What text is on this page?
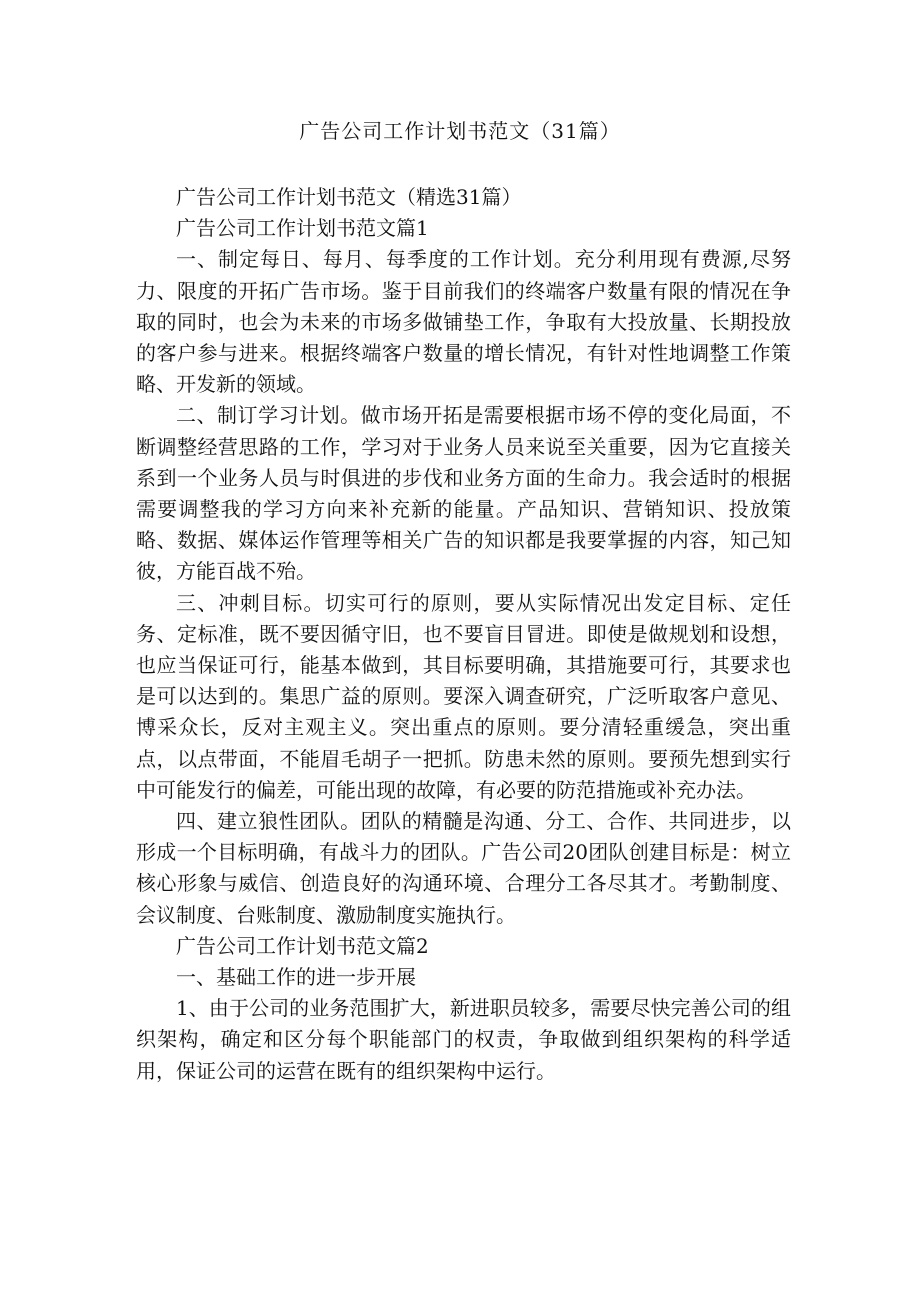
广告公司工作计划书范文（31篇）

广告公司工作计划书范文（精选31篇）

广告公司工作计划书范文篇1

一、制定每日、每月、每季度的工作计划。充分利用现有费源,尽努力、限度的开拓广告市场。鉴于目前我们的终端客户数量有限的情况在争取的同时，也会为未来的市场多做铺垫工作，争取有大投放量、长期投放的客户参与进来。根据终端客户数量的增长情况，有针对性地调整工作策略、开发新的领域。

二、制订学习计划。做市场开拓是需要根据市场不停的变化局面，不断调整经营思路的工作，学习对于业务人员来说至关重要，因为它直接关系到一个业务人员与时俱进的步伐和业务方面的生命力。我会适时的根据需要调整我的学习方向来补充新的能量。产品知识、营销知识、投放策略、数据、媒体运作管理等相关广告的知识都是我要掌握的内容，知己知彼，方能百战不殆。

三、冲刺目标。切实可行的原则，要从实际情况出发定目标、定任务、定标准，既不要因循守旧，也不要盲目冒进。即使是做规划和设想，也应当保证可行，能基本做到，其目标要明确，其措施要可行，其要求也是可以达到的。集思广益的原则。要深入调查研究，广泛听取客户意见、博采众长，反对主观主义。突出重点的原则。要分清轻重缓急，突出重点，以点带面，不能眉毛胡子一把抓。防患未然的原则。要预先想到实行中可能发行的偏差，可能出现的故障，有必要的防范措施或补充办法。

四、建立狼性团队。团队的精髓是沟通、分工、合作、共同进步，以形成一个目标明确，有战斗力的团队。广告公司20团队创建目标是：树立核心形象与威信、创造良好的沟通环境、合理分工各尽其才。考勤制度、会议制度、台账制度、激励制度实施执行。

广告公司工作计划书范文篇2

一、基础工作的进一步开展

1、由于公司的业务范围扩大，新进职员较多，需要尽快完善公司的组织架构，确定和区分每个职能部门的权责，争取做到组织架构的科学适用，保证公司的运营在既有的组织架构中运行。
